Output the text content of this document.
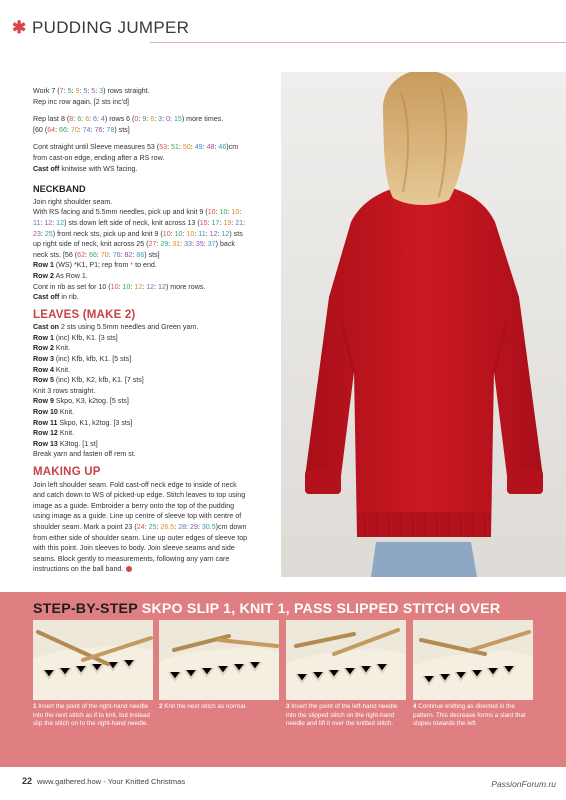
✱ PUDDING JUMPER

Work 7 (7: 5: 9: 5: 5: 3) rows straight.
Rep inc row again. [2 sts inc'd]

Rep last 8 (8: 6: 6: 6: 4) rows 6 (0: 9: 6: 3: 0: 15) more times.
[60 (64: 66: 70: 74: 76: 78) sts]

Cont straight until Sleeve measures 53 (53: 51: 50: 49: 48: 46)cm
from cast-on edge, ending after a RS row.
Cast off knitwise with WS facing.

NECKBAND

Join right shoulder seam.
With RS facing and 5.5mm needles, pick up and knit 9 (10: 10: 10:
11: 12: 12) sts down left side of neck, knit across 13 (15: 17: 19: 21:
23: 25) front neck sts, pick up and knit 9 (10: 10: 10: 11: 12: 12) sts
up right side of neck, knit across 25 (27: 29: 31: 33: 35: 37) back
neck sts. [56 (62: 66: 70: 76: 82: 86) sts]
Row 1 (WS) *K1, P1; rep from * to end.
Row 2 As Row 1.
Cont in rib as set for 10 (10: 10: 12: 12: 12) more rows.
Cast off in rib.

LEAVES (MAKE 2)

Cast on 2 sts using 5.5mm needles and Green yarn.
Row 1 (inc) Kfb, K1. [3 sts]
Row 2 Knit.
Row 3 (inc) Kfb, kfb, K1. [5 sts]
Row 4 Knit.
Row 5 (inc) Kfb, K2, kfb, K1. [7 sts]
Knit 3 rows straight.
Row 9 Skpo, K3, k2tog. [5 sts]
Row 10 Knit.
Row 11 Skpo, K1, k2tog. [3 sts]
Row 12 Knit.
Row 13 K3tog. [1 st]
Break yarn and fasten off rem st.

MAKING UP

Join left shoulder seam. Fold cast-off neck edge to inside of neck
and catch down to WS of picked-up edge. Stitch leaves to top using
image as a guide. Embroider a berry onto the top of the pudding
using image as a guide. Line up centre of sleeve top with centre of
shoulder seam. Mark a point 23 (24: 25: 26.5: 28: 29: 30.5)cm down
from either side of shoulder seam. Line up outer edges of sleeve top
with this point. Join sleeves to body. Join sleeve seams and side
seams. Block gently to measurements, following any yarn care
instructions on the ball band.

STEP-BY-STEP SKPO SLIP 1, KNIT 1, PASS SLIPPED STITCH OVER
1 Insert the point of the right-hand needle into the next stitch as if to knit, but instead slip the stitch on to the right-hand needle.
2 Knit the next stitch as normal.	3 Insert the point of the left-hand needle into the slipped stitch on the right-hand needle and lift it over the knitted stitch.
4 Continue knitting as directed in the pattern. This decrease forms a slant that slopes towards the left.
22 www.gathered.how - Your Knitted Christmas	PassionForum.ru
